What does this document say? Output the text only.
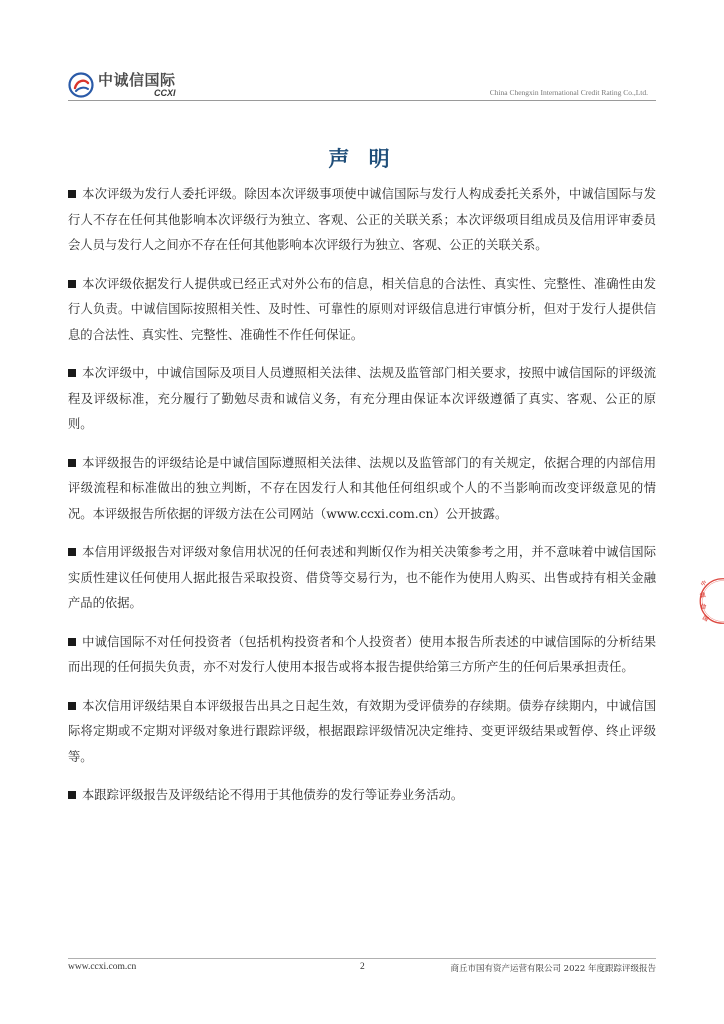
中诚信国际
CCXI	China Chengxin International Credit Rating Co.,Ltd.
声 明

本次评级为发行人委托评级。除因本次评级事项使中诚信国际与发行人构成委托关系外，中诚信国际与发行人不存在任何其他影响本次评级行为独立、客观、公正的关联关系；本次评级项目组成员及信用评审委员会人员与发行人之间亦不存在任何其他影响本次评级行为独立、客观、公正的关联关系。

本次评级依据发行人提供或已经正式对外公布的信息，相关信息的合法性、真实性、完整性、准确性由发行人负责。中诚信国际按照相关性、及时性、可靠性的原则对评级信息进行审慎分析，但对于发行人提供信息的合法性、真实性、完整性、准确性不作任何保证。

本次评级中，中诚信国际及项目人员遵照相关法律、法规及监管部门相关要求，按照中诚信国际的评级流程及评级标准，充分履行了勤勉尽责和诚信义务，有充分理由保证本次评级遵循了真实、客观、公正的原则。

本评级报告的评级结论是中诚信国际遵照相关法律、法规以及监管部门的有关规定，依据合理的内部信用评级流程和标准做出的独立判断，不存在因发行人和其他任何组织或个人的不当影响而改变评级意见的情况。本评级报告所依据的评级方法在公司网站（www.ccxi.com.cn）公开披露。

本信用评级报告对评级对象信用状况的任何表述和判断仅作为相关决策参考之用，并不意味着中诚信国际实质性建议任何使用人据此报告采取投资、借贷等交易行为，也不能作为使用人购买、出售或持有相关金融产品的依据。

中诚信国际不对任何投资者（包括机构投资者和个人投资者）使用本报告所表述的中诚信国际的分析结果而出现的任何损失负责，亦不对发行人使用本报告或将本报告提供给第三方所产生的任何后果承担责任。

本次信用评级结果自本评级报告出具之日起生效，有效期为受评债券的存续期。债券存续期内，中诚信国际将定期或不定期对评级对象进行跟踪评级，根据跟踪评级情况决定维持、变更评级结果或暂停、终止评级等。

本跟踪评级报告及评级结论不得用于其他债券的发行等证券业务活动。

中
诚
信
国
www.ccxi.com.cn	2	商丘市国有资产运营有限公司 2022 年度跟踪评级报告
